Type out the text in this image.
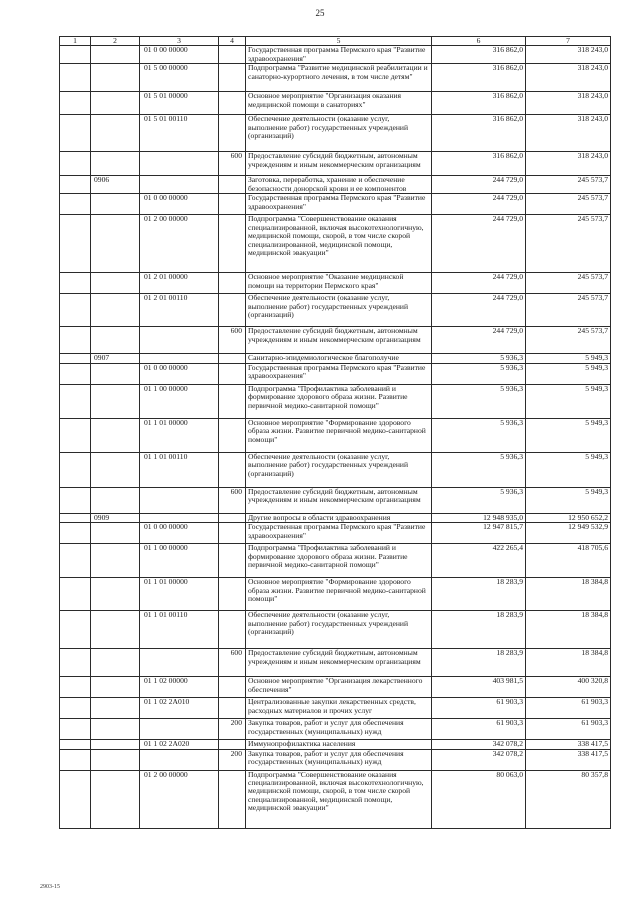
25
1	2	3	4	5	6	7
		01 0 00 00000		Государственная программа Пермского края "Развитие здравоохранения"	316 862,0	318 243,0
		01 5 00 00000		Подпрограмма "Развитие медицинской реабилитации и санаторно-курортного лечения, в том числе детям"	316 862,0	318 243,0
		01 5 01 00000		Основное мероприятие "Организация оказания медицинской помощи в санаториях"	316 862,0	318 243,0
		01 5 01 00110		Обеспечение деятельности (оказание услуг, выполнение работ) государственных учреждений (организаций)	316 862,0	318 243,0
			600	Предоставление субсидий бюджетным, автономным учреждениям и иным некоммерческим организациям	316 862,0	318 243,0
	0906			Заготовка, переработка, хранение и обеспечение безопасности донорской крови и ее компонентов	244 729,0	245 573,7
		01 0 00 00000		Государственная программа Пермского края "Развитие здравоохранения"	244 729,0	245 573,7
		01 2 00 00000		Подпрограмма "Совершенствование оказания специализированной, включая высокотехнологичную, медицинской помощи, скорой, в том числе скорой специализированной, медицинской помощи, медицинской эвакуации"	244 729,0	245 573,7
		01 2 01 00000		Основное мероприятие "Оказание медицинской помощи на территории Пермского края"	244 729,0	245 573,7
		01 2 01 00110		Обеспечение деятельности (оказание услуг, выполнение работ) государственных учреждений (организаций)	244 729,0	245 573,7
			600	Предоставление субсидий бюджетным, автономным учреждениям и иным некоммерческим организациям	244 729,0	245 573,7
	0907			Санитарно-эпидемиологическое благополучие	5 936,3	5 949,3
		01 0 00 00000		Государственная программа Пермского края "Развитие здравоохранения"	5 936,3	5 949,3
		01 1 00 00000		Подпрограмма "Профилактика заболеваний и формирование здорового образа жизни. Развитие первичной медико-санитарной помощи"	5 936,3	5 949,3
		01 1 01 00000		Основное мероприятие "Формирование здорового образа жизни. Развитие первичной медико-санитарной помощи"	5 936,3	5 949,3
		01 1 01 00110		Обеспечение деятельности (оказание услуг, выполнение работ) государственных учреждений (организаций)	5 936,3	5 949,3
			600	Предоставление субсидий бюджетным, автономным учреждениям и иным некоммерческим организациям	5 936,3	5 949,3
	0909			Другие вопросы в области здравоохранения	12 948 935,0	12 950 652,2
		01 0 00 00000		Государственная программа Пермского края "Развитие здравоохранения"	12 947 815,7	12 949 532,9
		01 1 00 00000		Подпрограмма "Профилактика заболеваний и формирование здорового образа жизни. Развитие первичной медико-санитарной помощи"	422 265,4	418 705,6
		01 1 01 00000		Основное мероприятие "Формирование здорового образа жизни. Развитие первичной медико-санитарной помощи"	18 283,9	18 384,8
		01 1 01 00110		Обеспечение деятельности (оказание услуг, выполнение работ) государственных учреждений (организаций)	18 283,9	18 384,8
			600	Предоставление субсидий бюджетным, автономным учреждениям и иным некоммерческим организациям	18 283,9	18 384,8
		01 1 02 00000		Основное мероприятие "Организация лекарственного обеспечения"	403 981,5	400 320,8
		01 1 02 2А010		Централизованные закупки лекарственных средств, расходных материалов и прочих услуг	61 903,3	61 903,3
			200	Закупка товаров, работ и услуг для обеспечения государственных (муниципальных) нужд	61 903,3	61 903,3
		01 1 02 2А020		Иммунопрофилактика населения	342 078,2	338 417,5
			200	Закупка товаров, работ и услуг для обеспечения государственных (муниципальных) нужд	342 078,2	338 417,5
		01 2 00 00000		Подпрограмма "Совершенствование оказания специализированной, включая высокотехнологичную, медицинской помощи, скорой, в том числе скорой специализированной, медицинской помощи, медицинской эвакуации"	80 063,0	80 357,8
2903-15
